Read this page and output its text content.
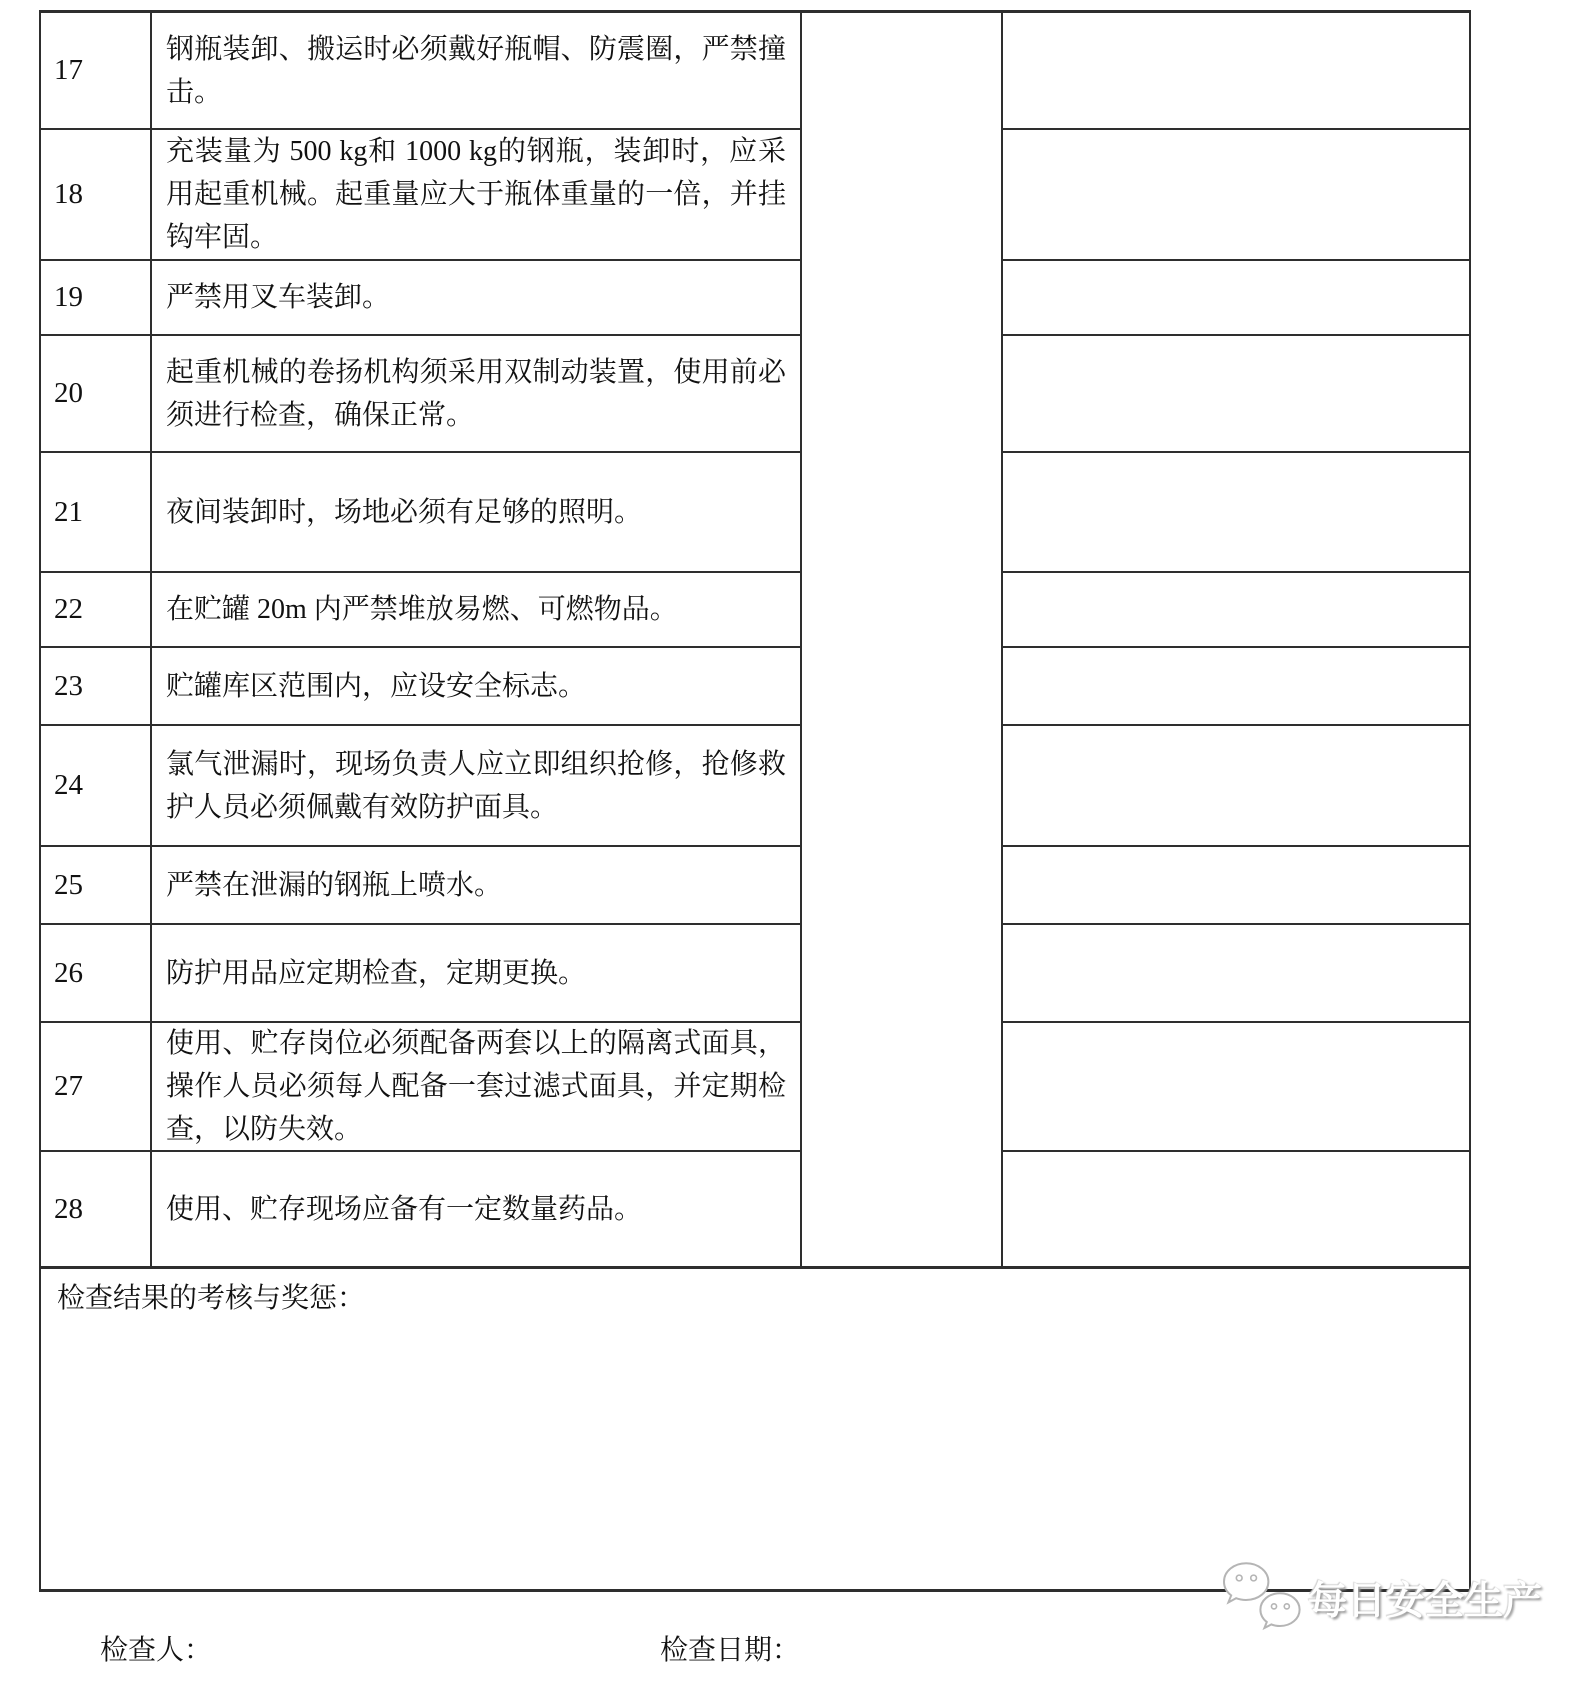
17
18
19
20
21
22
23
24
25
26
27
28
钢瓶装卸、搬运时必须戴好瓶帽、防震圈，严禁撞击。
充装量为 500 kg和 1000 kg的钢瓶，装卸时，应采用起重机械。起重量应大于瓶体重量的一倍，并挂钩牢固。
严禁用叉车装卸。
起重机械的卷扬机构须采用双制动装置，使用前必须进行检查，确保正常。
夜间装卸时，场地必须有足够的照明。
在贮罐 20m 内严禁堆放易燃、可燃物品。
贮罐库区范围内，应设安全标志。
氯气泄漏时，现场负责人应立即组织抢修，抢修救护人员必须佩戴有效防护面具。
严禁在泄漏的钢瓶上喷水。
防护用品应定期检查，定期更换。
使用、贮存岗位必须配备两套以上的隔离式面具，操作人员必须每人配备一套过滤式面具，并定期检查，以防失效。
使用、贮存现场应备有一定数量药品。
检查结果的考核与奖惩：
检查人：	检查日期：
每日安全生产
